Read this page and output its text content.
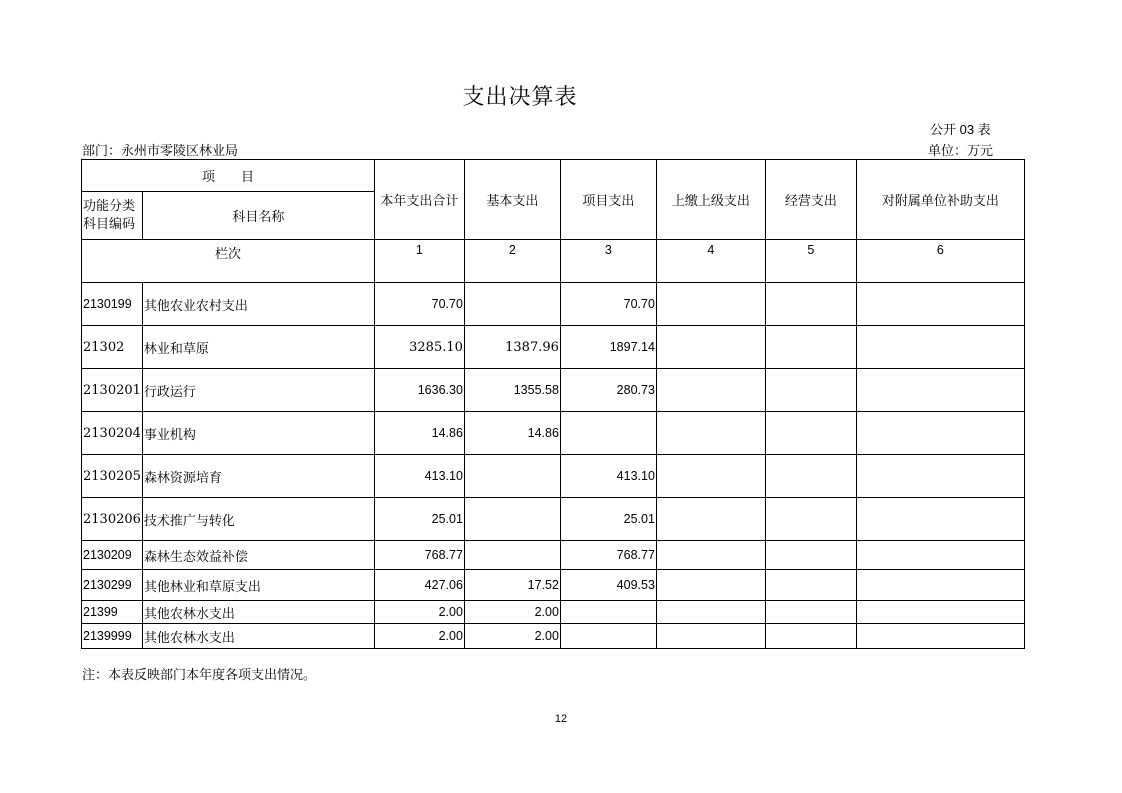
支出决算表
公开 03 表
部门：永州市零陵区林业局	单位：万元
项　　目		本年支出合计	基本支出	项目支出	上缴上级支出	经营支出	对附属单位补助支出

功能分类
科目编码	科目名称						
栏次		1	2	3	4	5	6
2130199	其他农业农村支出	70.70		70.70			
21302	林业和草原	3285.10	1387.96	1897.14			
2130201	行政运行	1636.30	1355.58	280.73			
2130204	事业机构	14.86	14.86				
2130205	森林资源培育	413.10		413.10			
2130206	技术推广与转化	25.01		25.01			
2130209	森林生态效益补偿	768.77		768.77			
2130299	其他林业和草原支出	427.06	17.52	409.53			
21399	其他农林水支出	2.00	2.00				
2139999	其他农林水支出	2.00	2.00				
注：本表反映部门本年度各项支出情况。
12
